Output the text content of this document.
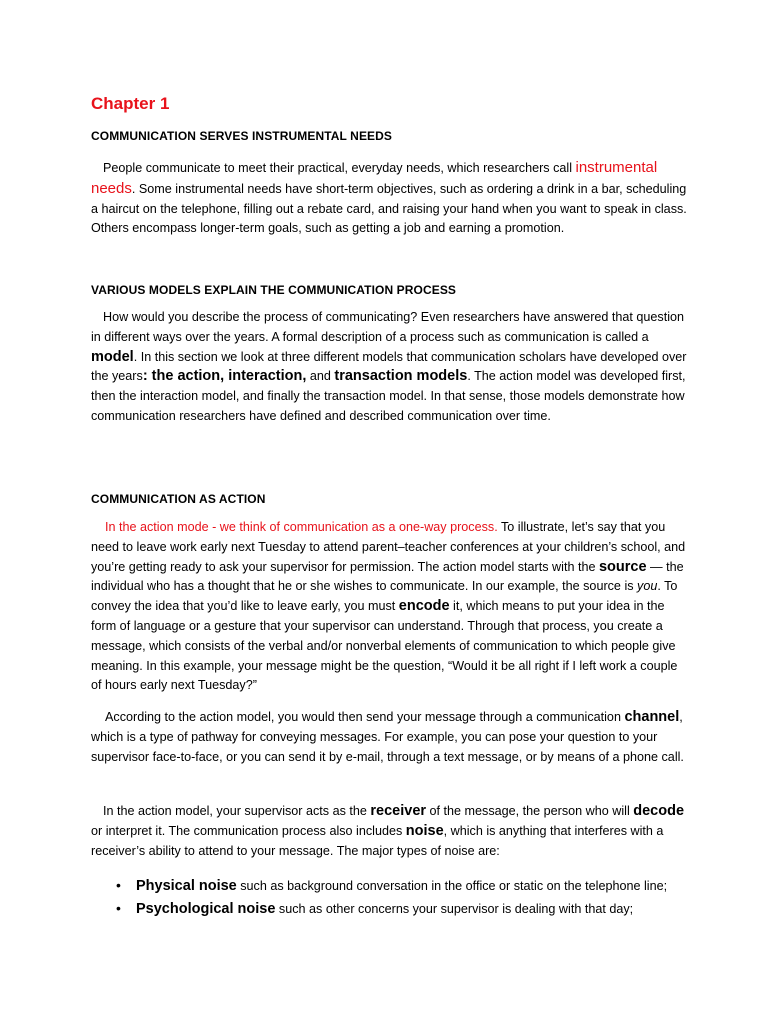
Chapter 1
COMMUNICATION SERVES INSTRUMENTAL NEEDS

People communicate to meet their practical, everyday needs, which researchers call instrumental needs. Some instrumental needs have short-term objectives, such as ordering a drink in a bar, scheduling a haircut on the telephone, filling out a rebate card, and raising your hand when you want to speak in class. Others encompass longer-term goals, such as getting a job and earning a promotion.

VARIOUS MODELS EXPLAIN THE COMMUNICATION PROCESS

How would you describe the process of communicating? Even researchers have answered that question in different ways over the years. A formal description of a process such as communication is called a model. In this section we look at three different models that communication scholars have developed over the years: the action, interaction, and transaction models. The action model was developed first, then the interaction model, and finally the transaction model. In that sense, those models demonstrate how communication researchers have defined and described communication over time.

COMMUNICATION AS ACTION

In the action mode - we think of communication as a one-way process. To illustrate, let’s say that you need to leave work early next Tuesday to attend parent–teacher conferences at your children’s school, and you’re getting ready to ask your supervisor for permission. The action model starts with the source — the individual who has a thought that he or she wishes to communicate. In our example, the source is you. To convey the idea that you’d like to leave early, you must encode it, which means to put your idea in the form of language or a gesture that your supervisor can understand. Through that process, you create a message, which consists of the verbal and/or nonverbal elements of communication to which people give meaning. In this example, your message might be the question, “Would it be all right if I left work a couple of hours early next Tuesday?”

According to the action model, you would then send your message through a communication channel, which is a type of pathway for conveying messages. For example, you can pose your question to your supervisor face-to-face, or you can send it by e-mail, through a text message, or by means of a phone call.

In the action model, your supervisor acts as the receiver of the message, the person who will decode or interpret it. The communication process also includes noise, which is anything that interferes with a receiver’s ability to attend to your message. The major types of noise are:

•	Physical noise such as background conversation in the office or static on the telephone line;
•	Psychological noise such as other concerns your supervisor is dealing with that day;
